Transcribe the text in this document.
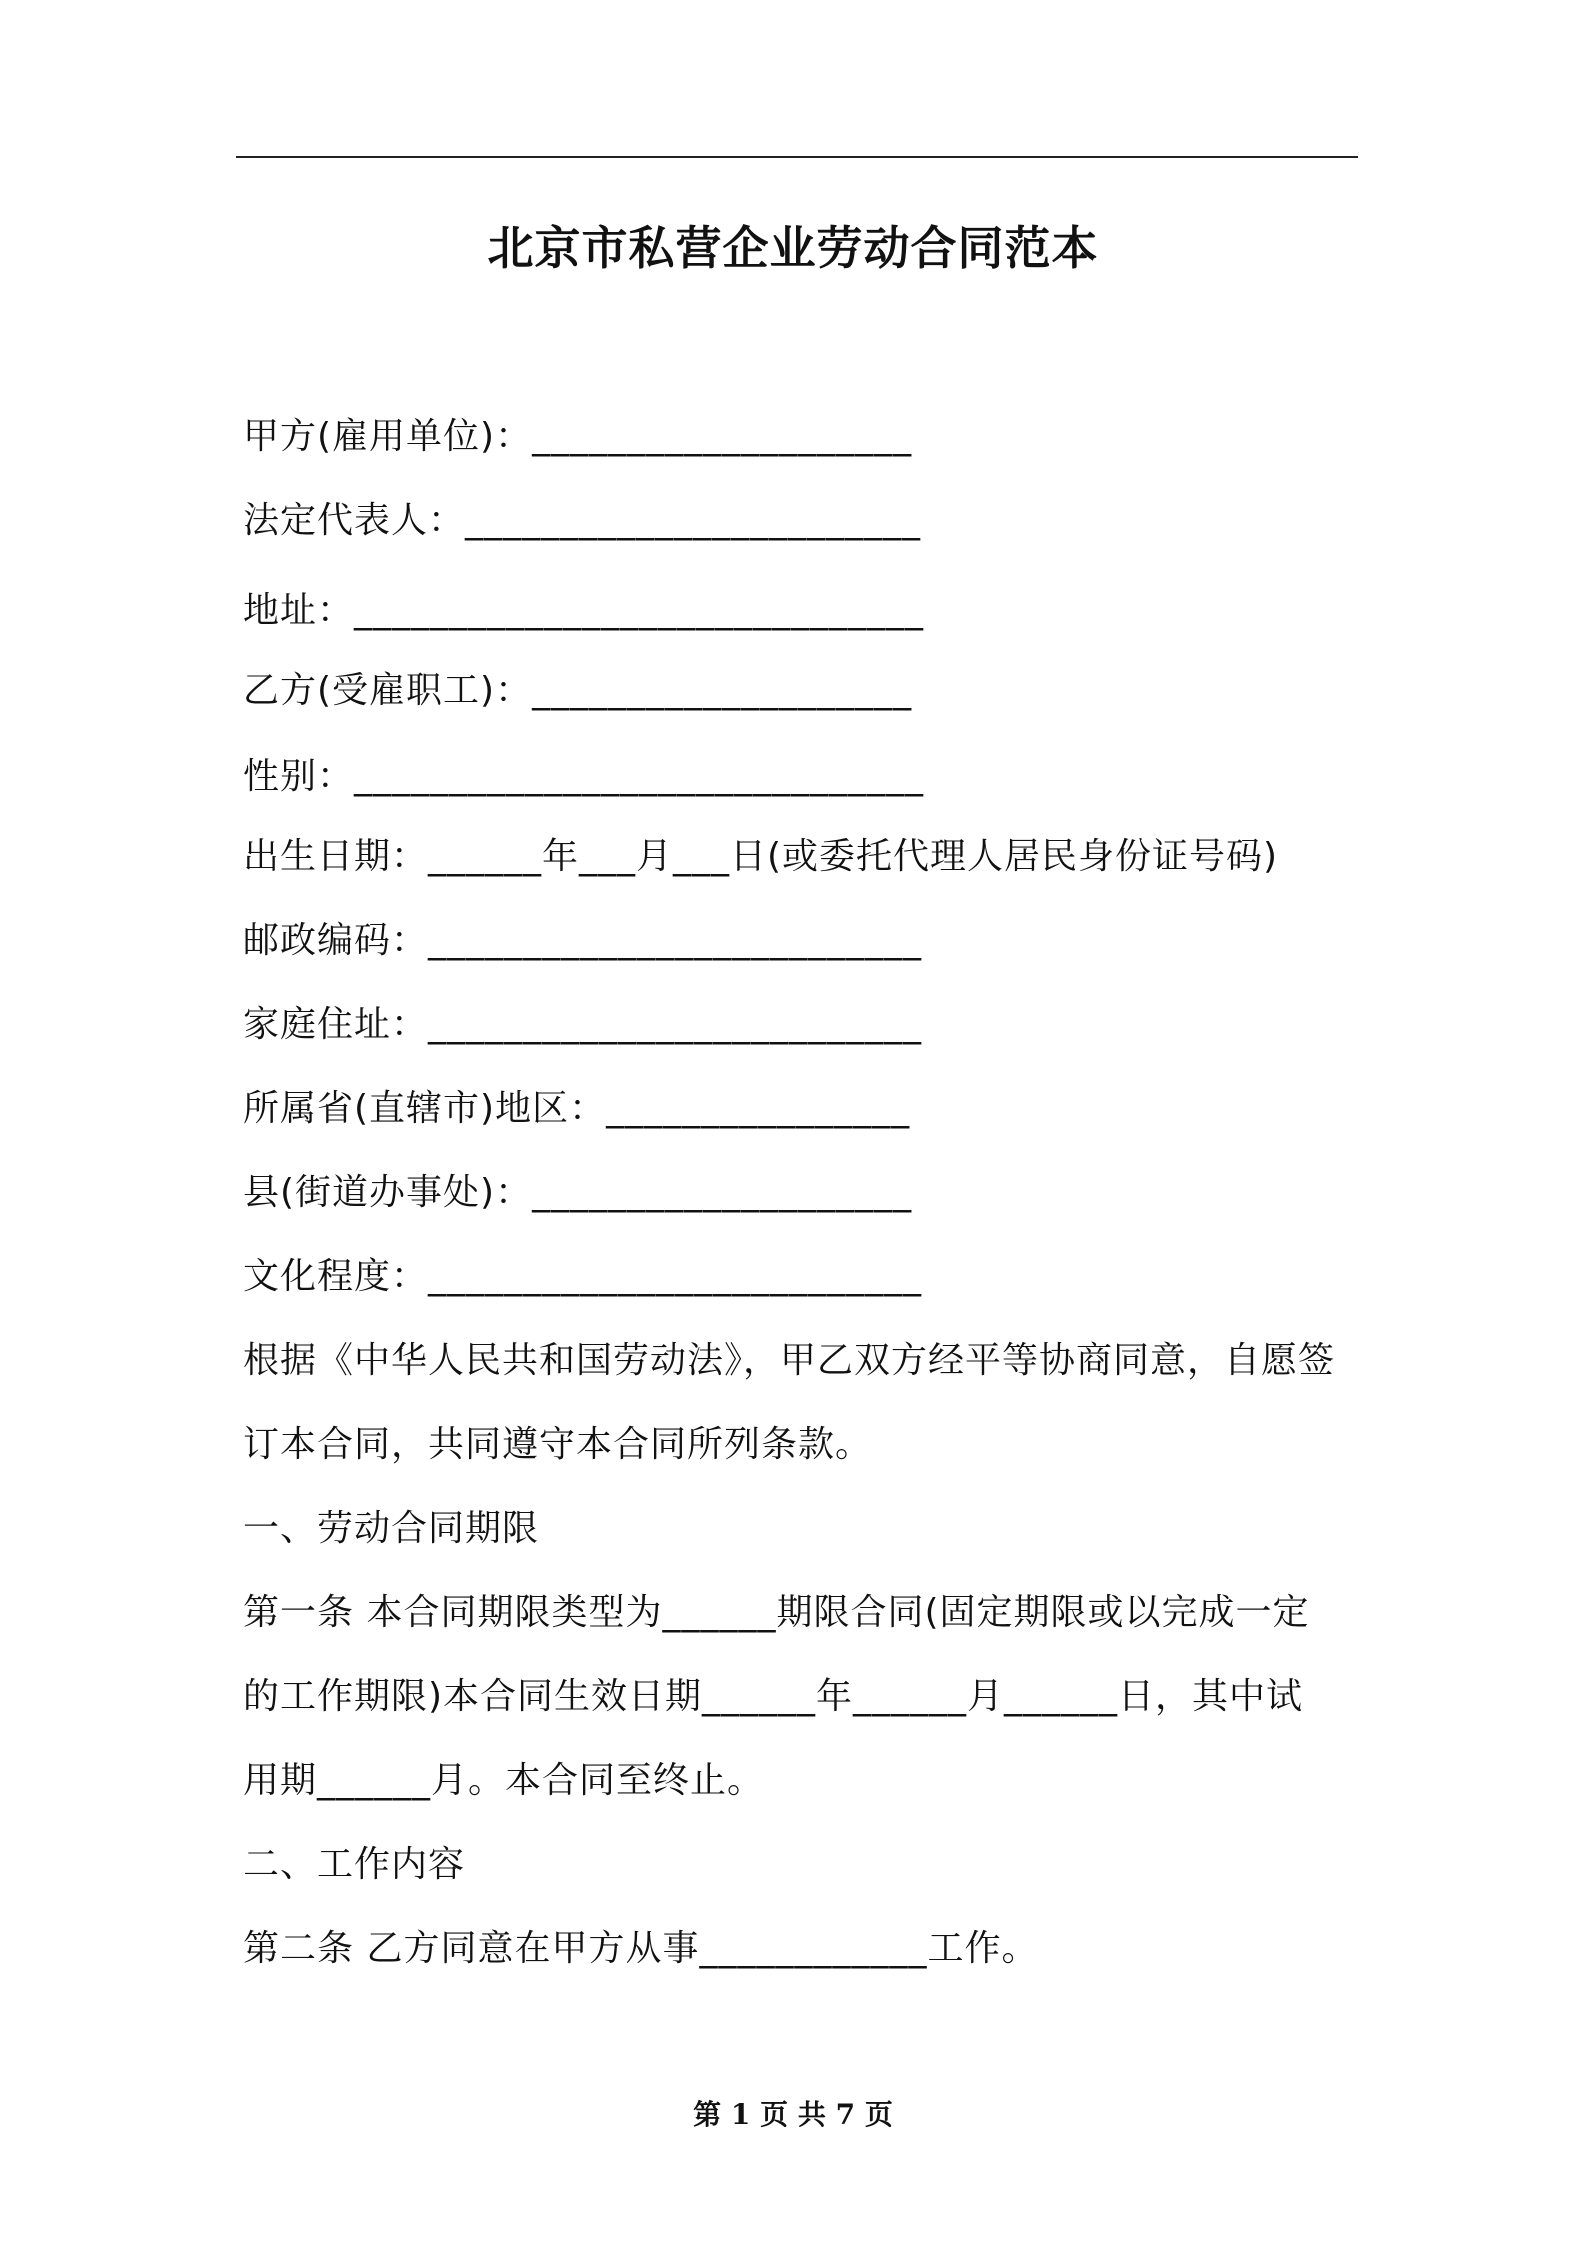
北京市私营企业劳动合同范本
甲方(雇用单位)：____________________
法定代表人：________________________
地址：______________________________
乙方(受雇职工)：____________________
性别：______________________________
出生日期：______年___月___日(或委托代理人居民身份证号码)
邮政编码：__________________________
家庭住址：__________________________
所属省(直辖市)地区：________________
县(街道办事处)：____________________
文化程度：__________________________
根据《中华人民共和国劳动法》，甲乙双方经平等协商同意，自愿签
订本合同，共同遵守本合同所列条款。
一、劳动合同期限
第一条 本合同期限类型为______期限合同(固定期限或以完成一定
的工作期限)本合同生效日期______年______月______日，其中试
用期______月。本合同至终止。
二、工作内容
第二条 乙方同意在甲方从事____________工作。
第 1 页 共 7 页
